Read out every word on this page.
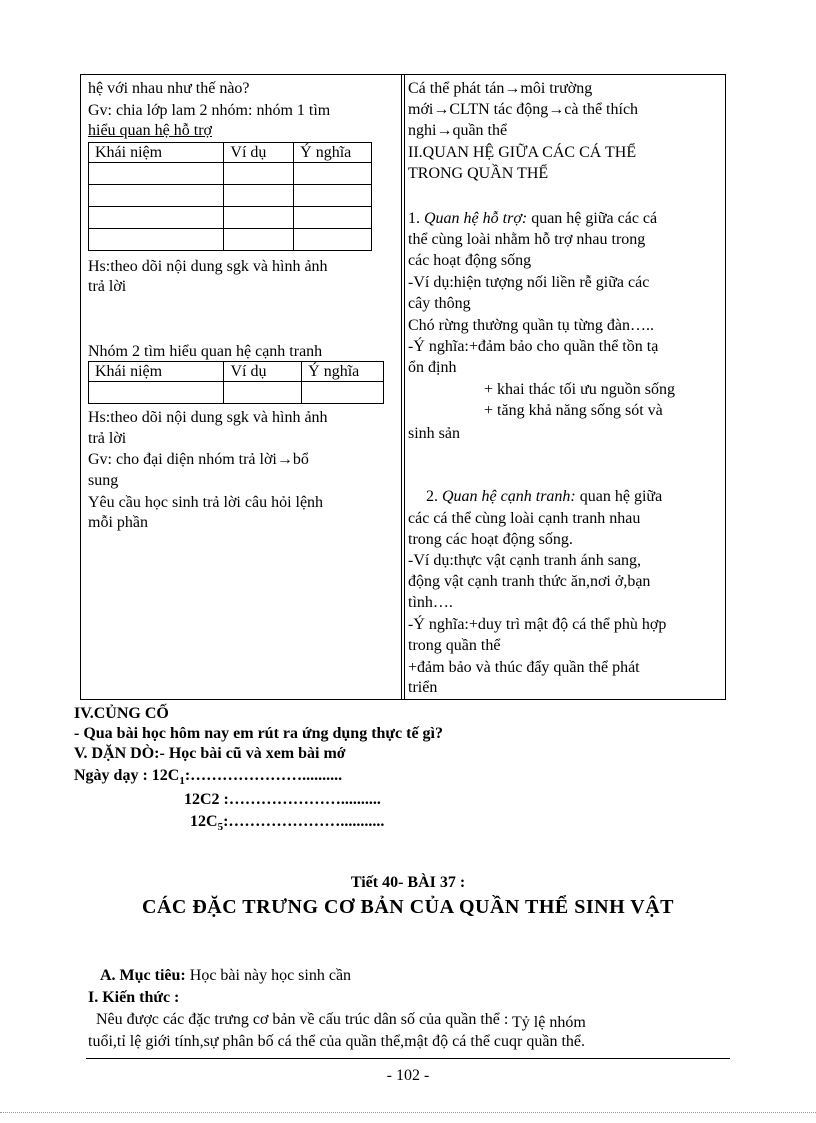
hệ với nhau như thế nào?
Gv: chia lớp lam 2 nhóm: nhóm 1 tìm
hiểu quan hệ hỗ trợ
Khái niệm	Ví dụ	Ý nghĩa

Hs:theo dõi nội dung sgk và hình ảnh
trả lời
Nhóm 2 tìm hiểu quan hệ cạnh tranh
Khái niệm	Ví dụ	Ý nghĩa

Hs:theo dõi nội dung sgk và hình ảnh
trả lời
Gv: cho đại diện nhóm trả lời→bổ
sung
Yêu cầu học sinh trả lời câu hỏi lệnh
mỗi phần
Cá thể phát tán→môi trường
mới→CLTN tác động→cà thể thích
nghi→quần thể
II.QUAN HỆ GIỮA CÁC CÁ THỂ
TRONG QUẦN THỂ
1. Quan hệ hỗ trợ: quan hệ giữa các cá
thể cùng loài nhằm hỗ trợ nhau trong
các hoạt động sống
-Ví dụ:hiện tượng nối liền rễ giữa các
cây thông
Chó rừng thường quần tụ từng đàn…..
-Ý nghĩa:+đảm bảo cho quần thể tồn tạ
ổn định
+ khai thác tối ưu nguồn sống
+ tăng khả năng sống sót và
sinh sản
2. Quan hệ cạnh tranh: quan hệ giữa
các cá thể cùng loài cạnh tranh nhau
trong các hoạt động sống.
-Ví dụ:thực vật cạnh tranh ánh sang,
động vật cạnh tranh thức ăn,nơi ở,bạn
tình….
-Ý nghĩa:+duy trì mật độ cá thể phù hợp
trong quần thể
+đảm bảo và thúc đẩy quần thể phát
triển
IV.CỦNG CỐ
- Qua bài học hôm nay em rút ra ứng dụng thực tế gì?
V. DẶN DÒ:- Học bài cũ và xem bài mớ
Ngày dạy : $12C_1:\dots\dots\dots\dots\dots\dots\dots$..........
12C2 :…………………..........
$12C_5:\dots\dots\dots\dots\dots\dots\dots$...........
Tiết 40- BÀI 37 :
CÁC ĐẶC TRƯNG CƠ BẢN CỦA QUẦN THỂ SINH VẬT
A. Mục tiêu: Học bài này học sinh cần
I. Kiến thức :
Nêu được các đặc trưng cơ bản về cấu trúc dân số của quần thể : Tỷ lệ nhóm
tuổi,tỉ lệ giới tính,sự phân bố cá thể của quần thể,mật độ cá thể cuqr quần thể.
- 102 -
